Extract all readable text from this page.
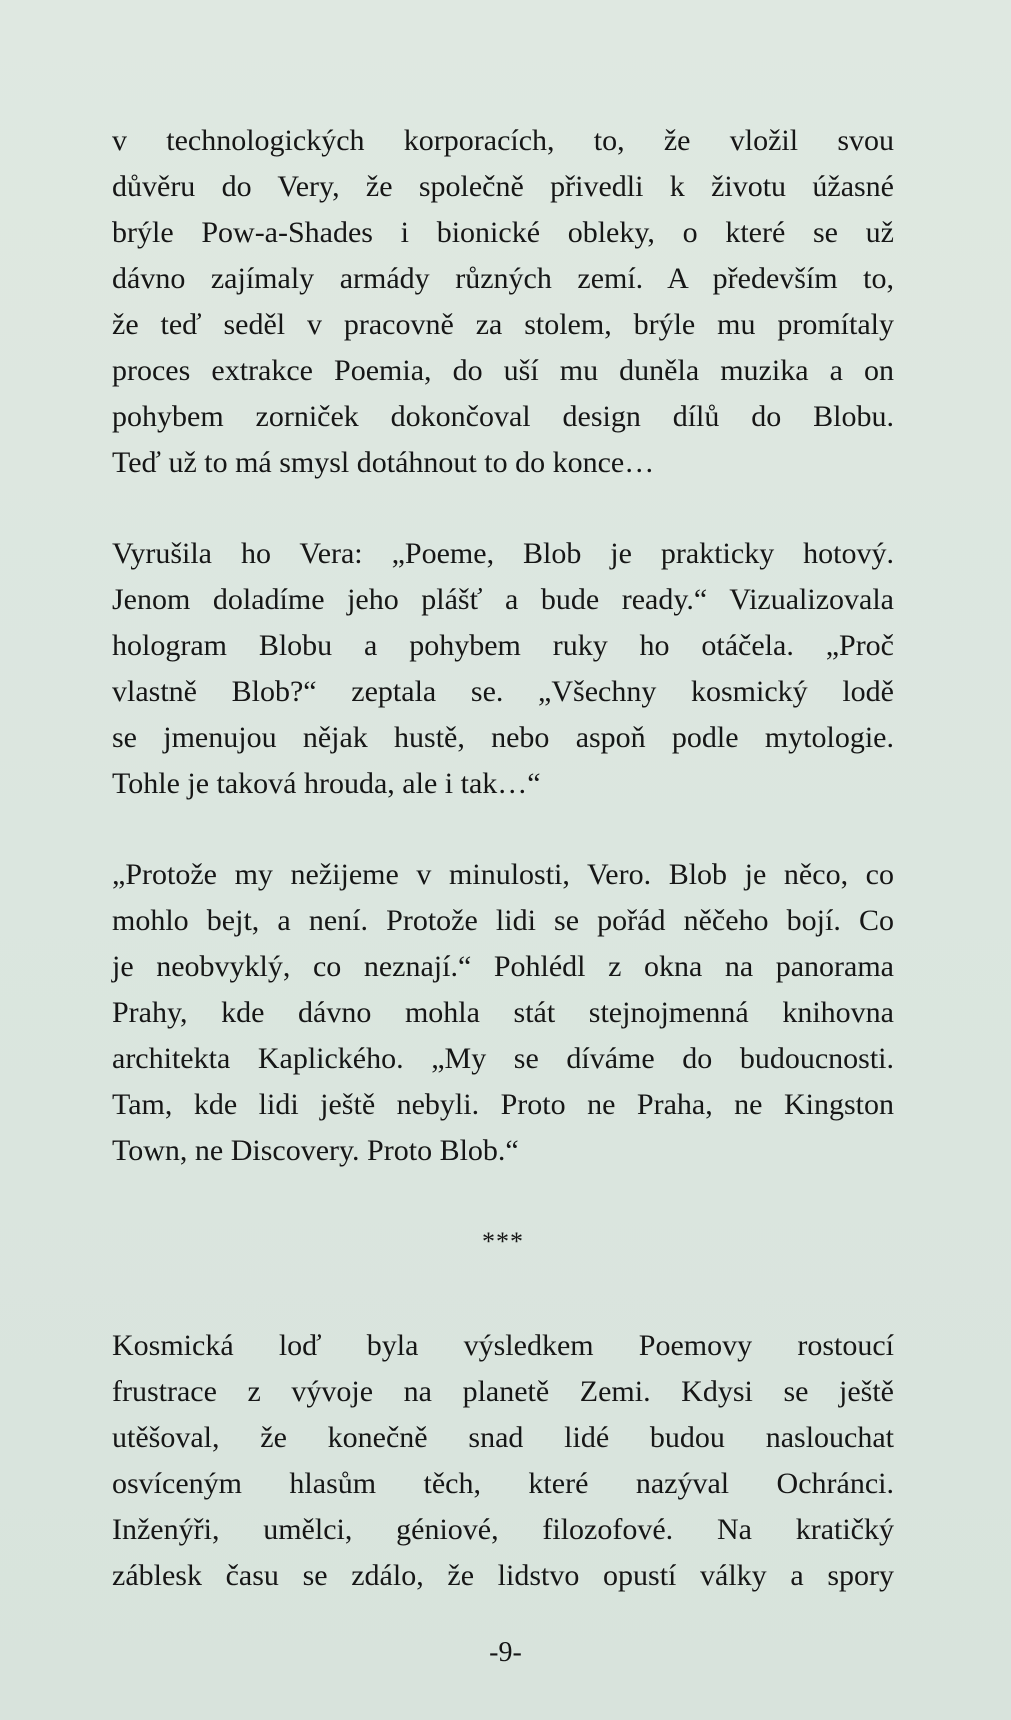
v technologických korporacích, to, že vložil svou
důvěru do Very, že společně přivedli k životu úžasné
brýle Pow-a-Shades i bionické obleky, o které se už
dávno zajímaly armády různých zemí. A především to,
že teď seděl v pracovně za stolem, brýle mu promítaly
proces extrakce Poemia, do uší mu duněla muzika a on
pohybem zorniček dokončoval design dílů do Blobu.
Teď už to má smysl dotáhnout to do konce…
Vyrušila ho Vera: „Poeme, Blob je prakticky hotový.
Jenom doladíme jeho plášť a bude ready.“ Vizualizovala
hologram Blobu a pohybem ruky ho otáčela. „Proč
vlastně Blob?“ zeptala se. „Všechny kosmický lodě
se jmenujou nějak hustě, nebo aspoň podle mytologie.
Tohle je taková hrouda, ale i tak…“
„Protože my nežijeme v minulosti, Vero. Blob je něco, co
mohlo bejt, a není. Protože lidi se pořád něčeho bojí. Co
je neobvyklý, co neznají.“ Pohlédl z okna na panorama
Prahy, kde dávno mohla stát stejnojmenná knihovna
architekta Kaplického. „My se díváme do budoucnosti.
Tam, kde lidi ještě nebyli. Proto ne Praha, ne Kingston
Town, ne Discovery. Proto Blob.“
***
Kosmická loď byla výsledkem Poemovy rostoucí
frustrace z vývoje na planetě Zemi. Kdysi se ještě
utěšoval, že konečně snad lidé budou naslouchat
osvíceným hlasům těch, které nazýval Ochránci.
Inženýři, umělci, géniové, filozofové. Na kratičký
záblesk času se zdálo, že lidstvo opustí války a spory
-9-
